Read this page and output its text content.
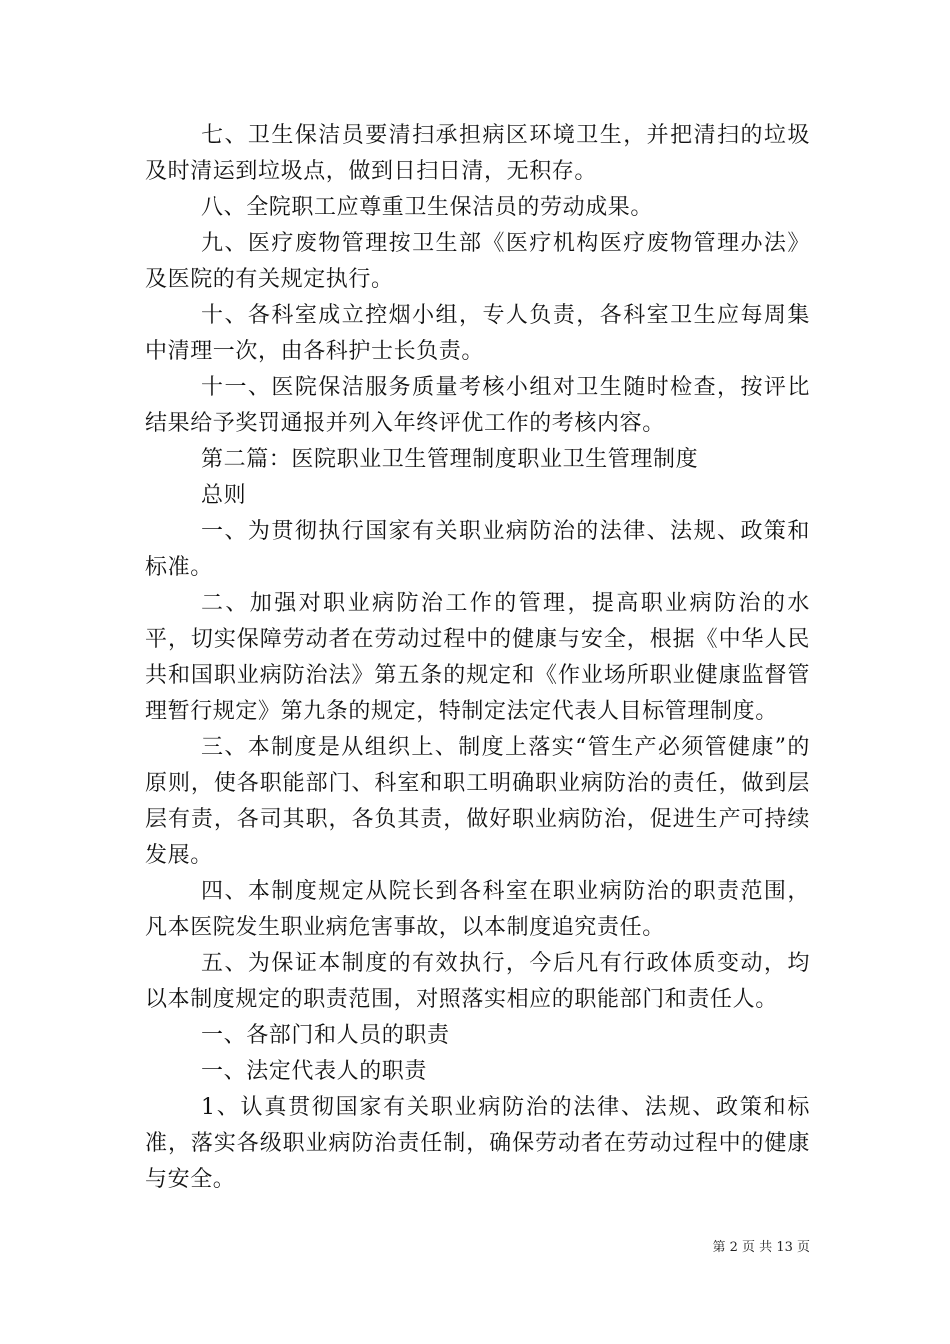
七、卫生保洁员要清扫承担病区环境卫生，并把清扫的垃圾及时清运到垃圾点，做到日扫日清，无积存。

八、全院职工应尊重卫生保洁员的劳动成果。

九、医疗废物管理按卫生部《医疗机构医疗废物管理办法》及医院的有关规定执行。

十、各科室成立控烟小组，专人负责，各科室卫生应每周集中清理一次，由各科护士长负责。

十一、医院保洁服务质量考核小组对卫生随时检查，按评比结果给予奖罚通报并列入年终评优工作的考核内容。

第二篇：医院职业卫生管理制度职业卫生管理制度

总则

一、为贯彻执行国家有关职业病防治的法律、法规、政策和标准。

二、加强对职业病防治工作的管理，提高职业病防治的水平，切实保障劳动者在劳动过程中的健康与安全，根据《中华人民共和国职业病防治法》第五条的规定和《作业场所职业健康监督管理暂行规定》第九条的规定，特制定法定代表人目标管理制度。

三、本制度是从组织上、制度上落实“管生产必须管健康”的原则，使各职能部门、科室和职工明确职业病防治的责任，做到层层有责，各司其职，各负其责，做好职业病防治，促进生产可持续发展。

四、本制度规定从院长到各科室在职业病防治的职责范围，凡本医院发生职业病危害事故，以本制度追究责任。

五、为保证本制度的有效执行，今后凡有行政体质变动，均以本制度规定的职责范围，对照落实相应的职能部门和责任人。

一、各部门和人员的职责

一、法定代表人的职责

1、认真贯彻国家有关职业病防治的法律、法规、政策和标准，落实各级职业病防治责任制，确保劳动者在劳动过程中的健康与安全。

第 2 页 共 13 页
